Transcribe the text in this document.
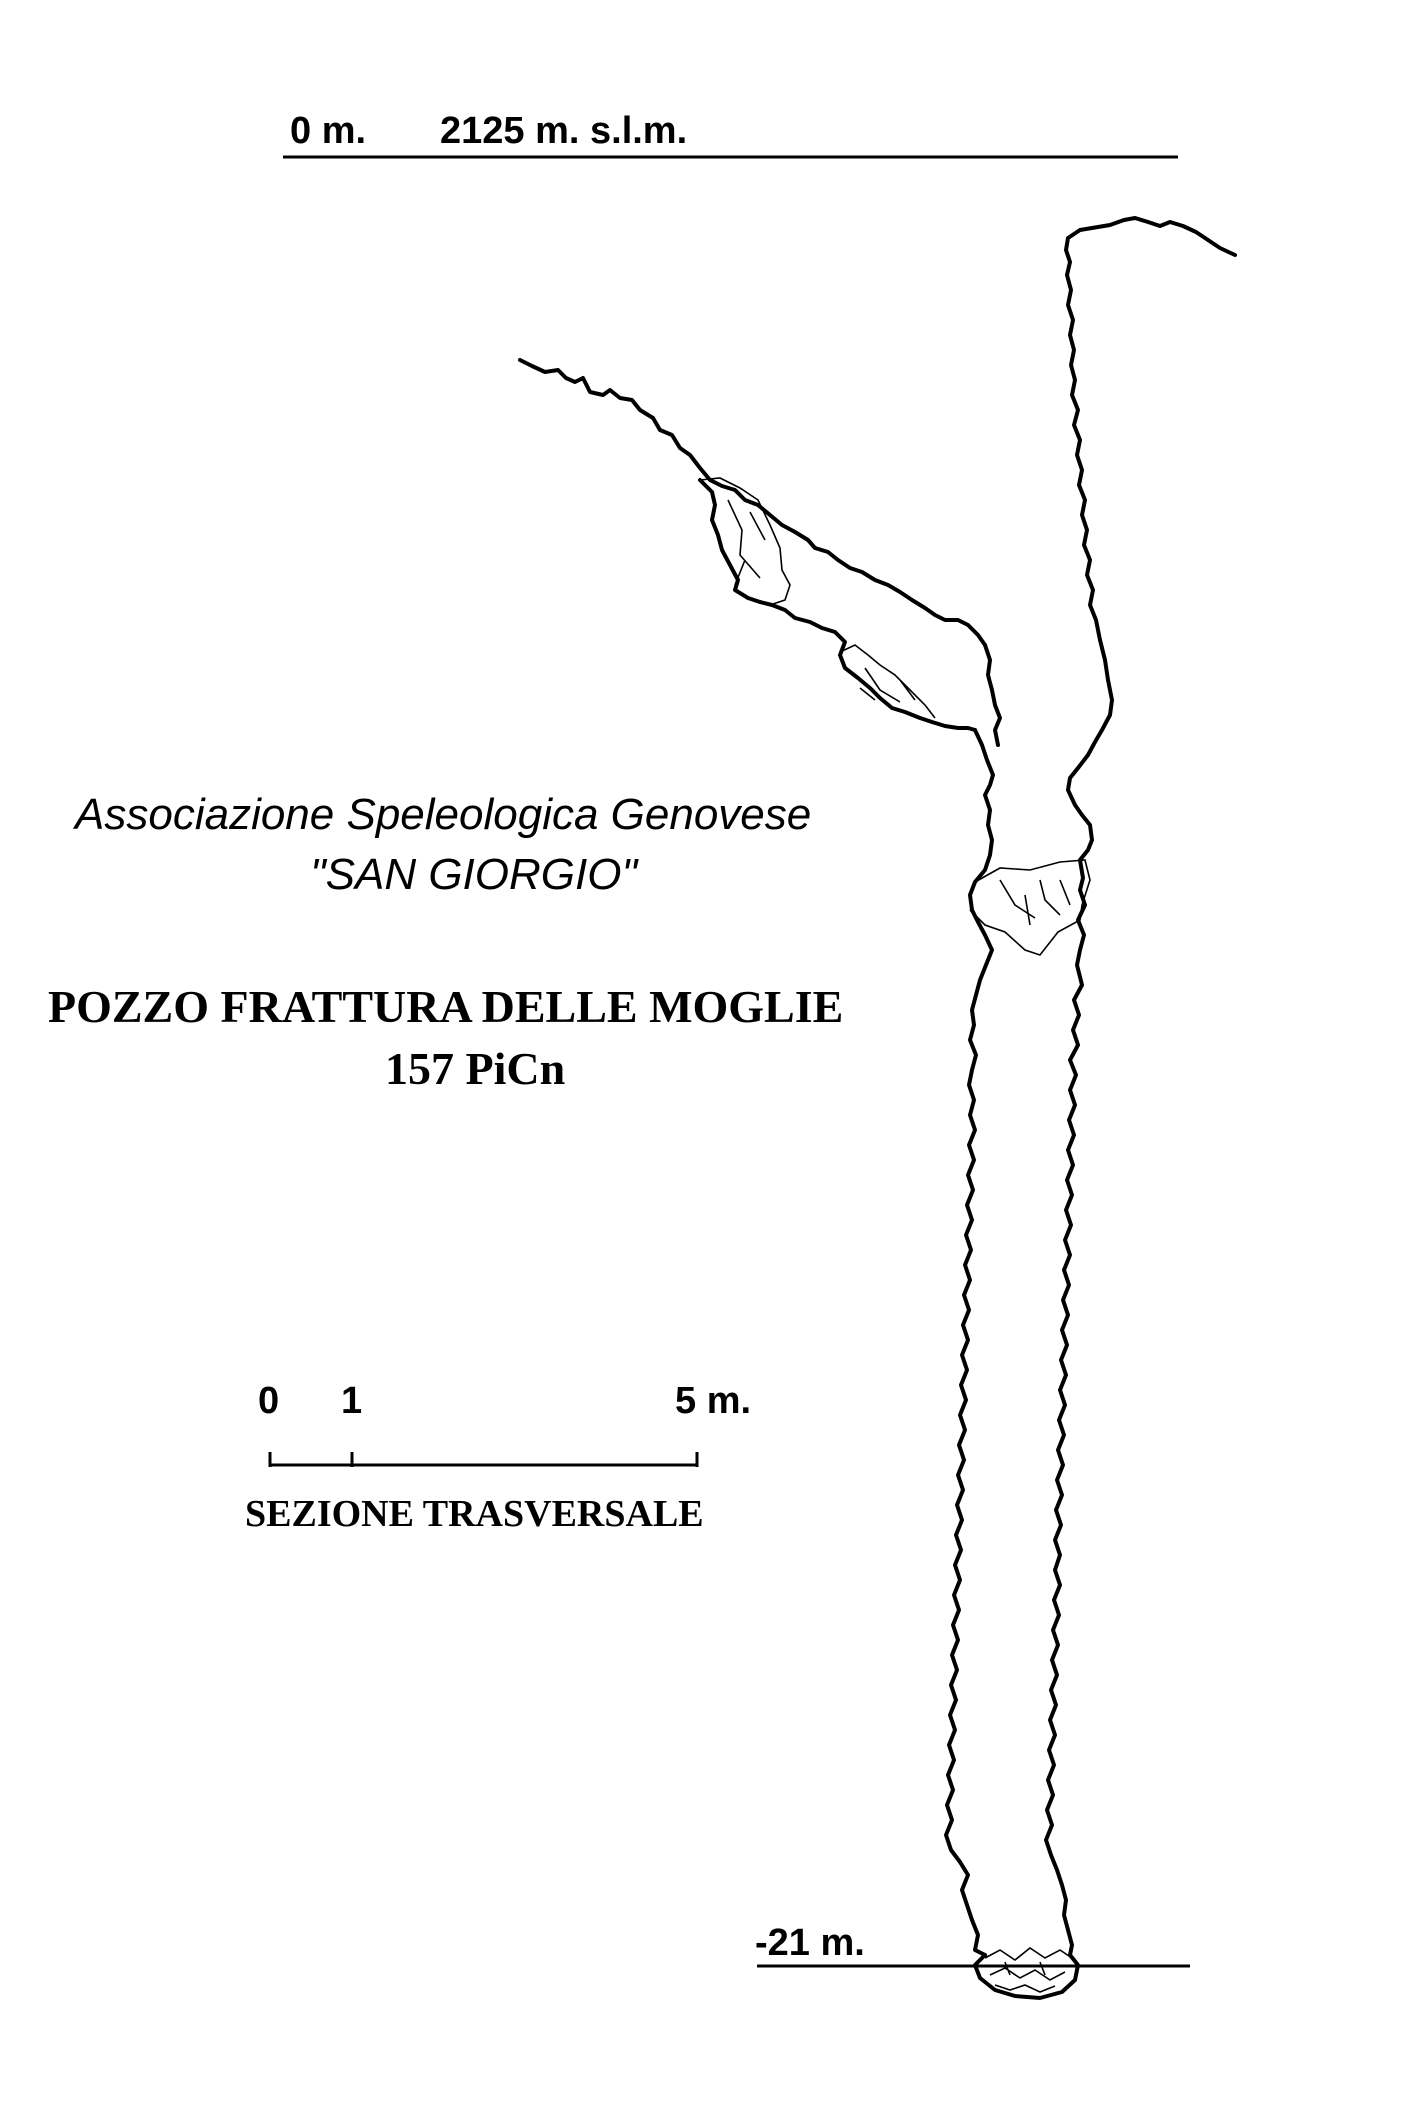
0 m. 2125 m. s.l.m.
-21 m.
Associazione Speleologica Genovese
"SAN GIORGIO"
POZZO FRATTURA DELLE MOGLIE
157 PiCn
0 1	5 m.
SEZIONE TRASVERSALE
